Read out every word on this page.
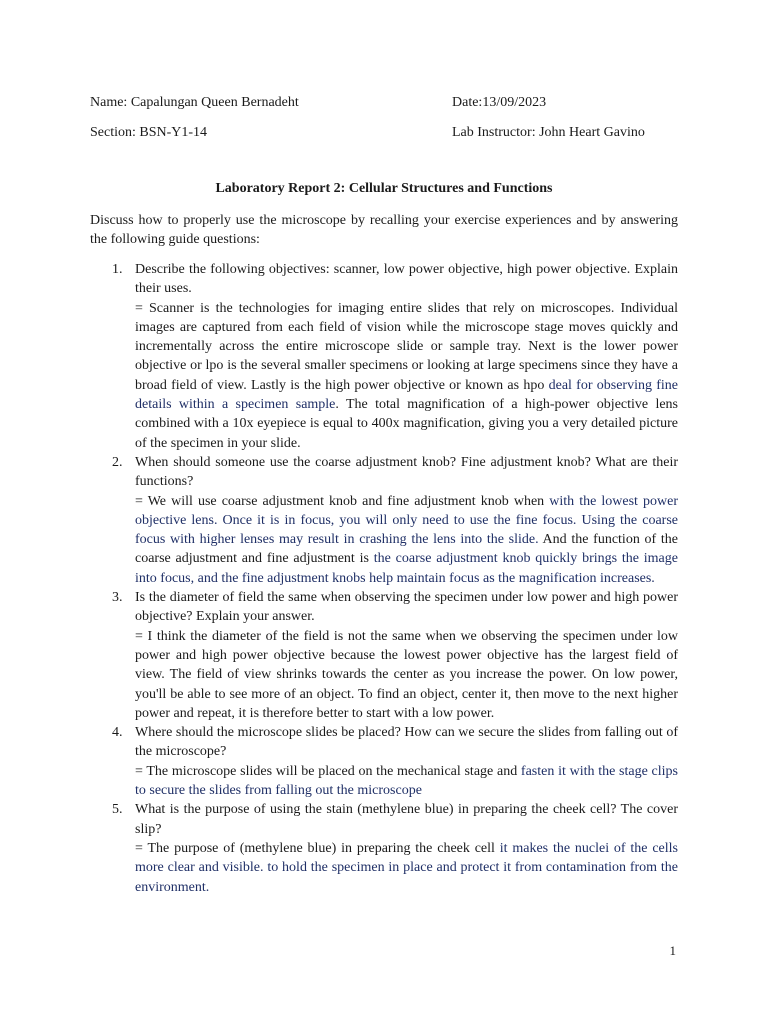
Name: Capalungan Queen Bernadeht	Date:13/09/2023
Section: BSN-Y1-14	Lab Instructor: John Heart Gavino
Laboratory Report 2: Cellular Structures and Functions
Discuss how to properly use the microscope by recalling your exercise experiences and by answering the following guide questions:
1. Describe the following objectives: scanner, low power objective, high power objective. Explain their uses.

= Scanner is the technologies for imaging entire slides that rely on microscopes. Individual images are captured from each field of vision while the microscope stage moves quickly and incrementally across the entire microscope slide or sample tray. Next is the lower power objective or lpo is the several smaller specimens or looking at large specimens since they have a broad field of view. Lastly is the high power objective or known as hpo deal for observing fine details within a specimen sample. The total magnification of a high-power objective lens combined with a 10x eyepiece is equal to 400x magnification, giving you a very detailed picture of the specimen in your slide.

2. When should someone use the coarse adjustment knob? Fine adjustment knob? What are their functions?

= We will use coarse adjustment knob and fine adjustment knob when with the lowest power objective lens. Once it is in focus, you will only need to use the fine focus. Using the coarse focus with higher lenses may result in crashing the lens into the slide. And the function of the coarse adjustment and fine adjustment is the coarse adjustment knob quickly brings the image into focus, and the fine adjustment knobs help maintain focus as the magnification increases.

3. Is the diameter of field the same when observing the specimen under low power and high power objective? Explain your answer.

= I think the diameter of the field is not the same when we observing the specimen under low power and high power objective because the lowest power objective has the largest field of view. The field of view shrinks towards the center as you increase the power. On low power, you'll be able to see more of an object. To find an object, center it, then move to the next higher power and repeat, it is therefore better to start with a low power.

4. Where should the microscope slides be placed? How can we secure the slides from falling out of the microscope?

= The microscope slides will be placed on the mechanical stage and fasten it with the stage clips to secure the slides from falling out the microscope

5. What is the purpose of using the stain (methylene blue) in preparing the cheek cell? The cover slip?

= The purpose of (methylene blue) in preparing the cheek cell it makes the nuclei of the cells more clear and visible. to hold the specimen in place and protect it from contamination from the environment.

1
